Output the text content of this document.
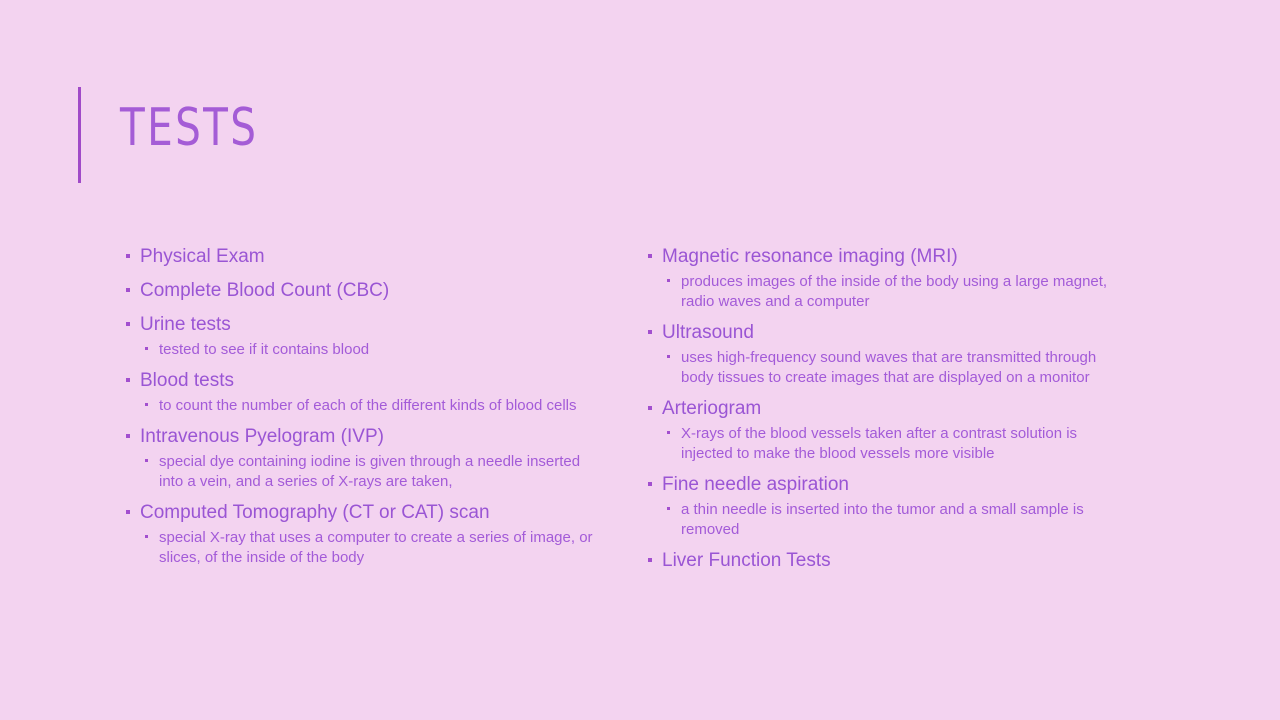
TESTS
Physical Exam
Complete Blood Count (CBC)
Urine tests
tested to see if it contains blood
Blood tests
to count the number of each of the different kinds of blood cells
Intravenous Pyelogram (IVP)
special dye containing iodine is given through a needle inserted into a vein, and a series of X-rays are taken,
Computed Tomography (CT or CAT) scan
special X-ray that uses a computer to create a series of image, or slices, of the inside of the body
Magnetic resonance imaging (MRI)
produces images of the inside of the body using a large magnet, radio waves and a computer
Ultrasound
uses high-frequency sound waves that are transmitted through body tissues to create images that are displayed on a monitor
Arteriogram
X-rays of the blood vessels taken after a contrast solution is injected to make the blood vessels more visible
Fine needle aspiration
a thin needle is inserted into the tumor and a small sample is removed
Liver Function Tests
